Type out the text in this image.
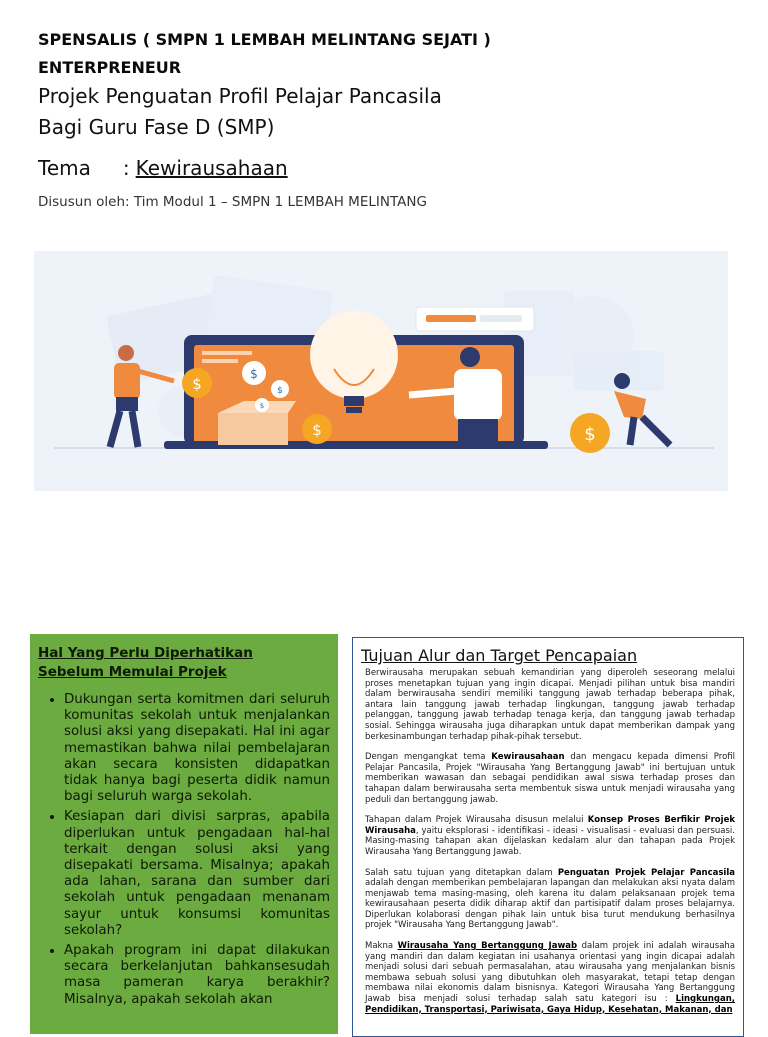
SPENSALIS ( SMPN 1 LEMBAH MELINTANG SEJATI )
ENTERPRENEUR
Projek Penguatan Profil Pelajar Pancasila
Bagi Guru Fase D (SMP)
Tema : Kewirausahaan
Disusun oleh: Tim Modul 1 – SMPN 1 LEMBAH MELINTANG
$
$
$
$
$
$
Hal Yang Perlu Diperhatikan
Sebelum Memulai Projek
• Dukungan serta komitmen dari seluruh komunitas sekolah untuk menjalankan solusi aksi yang disepakati. Hal ini agar memastikan bahwa nilai pembelajaran akan secara konsisten didapatkan tidak hanya bagi peserta didik namun bagi seluruh warga sekolah.
• Kesiapan dari divisi sarpras, apabila diperlukan untuk pengadaan hal-hal terkait dengan solusi aksi yang disepakati bersama. Misalnya; apakah ada lahan, sarana dan sumber dari sekolah untuk pengadaan menanam sayur untuk konsumsi komunitas sekolah?
• Apakah program ini dapat dilakukan secara berkelanjutan bahkansesudah masa pameran karya berakhir? Misalnya, apakah sekolah akan
Tujuan Alur dan Target Pencapaian

Berwirausaha merupakan sebuah kemandirian yang diperoleh seseorang melalui proses menetapkan tujuan yang ingin dicapai. Menjadi pilihan untuk bisa mandiri dalam berwirausaha sendiri memiliki tanggung jawab terhadap beberapa pihak, antara lain tanggung jawab terhadap lingkungan, tanggung jawab terhadap pelanggan, tanggung jawab terhadap tenaga kerja, dan tanggung jawab terhadap sosial. Sehingga wirausaha juga diharapkan untuk dapat memberikan dampak yang berkesinambungan terhadap pihak-pihak tersebut.

Dengan mengangkat tema Kewirausahaan dan mengacu kepada dimensi Profil Pelajar Pancasila, Projek "Wirausaha Yang Bertanggung Jawab" ini bertujuan untuk memberikan wawasan dan sebagai pendidikan awal siswa terhadap proses dan tahapan dalam berwirausaha serta membentuk siswa untuk menjadi wirausaha yang peduli dan bertanggung jawab.

Tahapan dalam Projek Wirausaha disusun melalui Konsep Proses Berfikir Projek Wirausaha, yaitu eksplorasi - identifikasi - ideasi - visualisasi - evaluasi dan persuasi. Masing-masing tahapan akan dijelaskan kedalam alur dan tahapan pada Projek Wirausaha Yang Bertanggung Jawab.

Salah satu tujuan yang ditetapkan dalam Penguatan Projek Pelajar Pancasila adalah dengan memberikan pembelajaran lapangan dan melakukan aksi nyata dalam menjawab tema masing-masing, oleh karena itu dalam pelaksanaan projek tema kewirausahaan peserta didik diharap aktif dan partisipatif dalam proses belajarnya. Diperlukan kolaborasi dengan pihak lain untuk bisa turut mendukung berhasilnya projek "Wirausaha Yang Bertanggung Jawab".

Makna Wirausaha Yang Bertanggung Jawab dalam projek ini adalah wirausaha yang mandiri dan dalam kegiatan ini usahanya orientasi yang ingin dicapai adalah menjadi solusi dari sebuah permasalahan, atau wirausaha yang menjalankan bisnis membawa sebuah solusi yang dibutuhkan oleh masyarakat, tetapi tetap dengan membawa nilai ekonomis dalam bisnisnya. Kategori Wirausaha Yang Bertanggung Jawab bisa menjadi solusi terhadap salah satu kategori isu : Lingkungan, Pendidikan, Transportasi, Pariwisata, Gaya Hidup, Kesehatan, Makanan, dan
